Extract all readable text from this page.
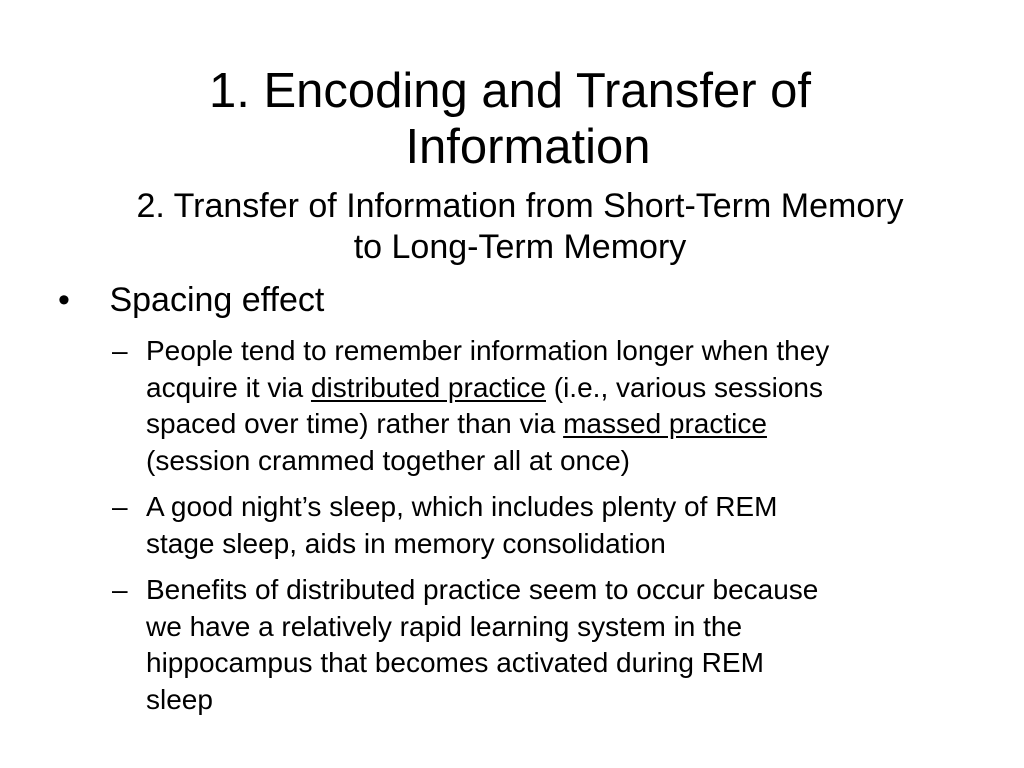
1. Encoding and Transfer of
Information
2. Transfer of Information from Short-Term Memory
to Long-Term Memory
• Spacing effect
– People tend to remember information longer when they
acquire it via distributed practice (i.e., various sessions
spaced over time) rather than via massed practice
(session crammed together all at once)
– A good night’s sleep, which includes plenty of REM
stage sleep, aids in memory consolidation
– Benefits of distributed practice seem to occur because
we have a relatively rapid learning system in the
hippocampus that becomes activated during REM
sleep
